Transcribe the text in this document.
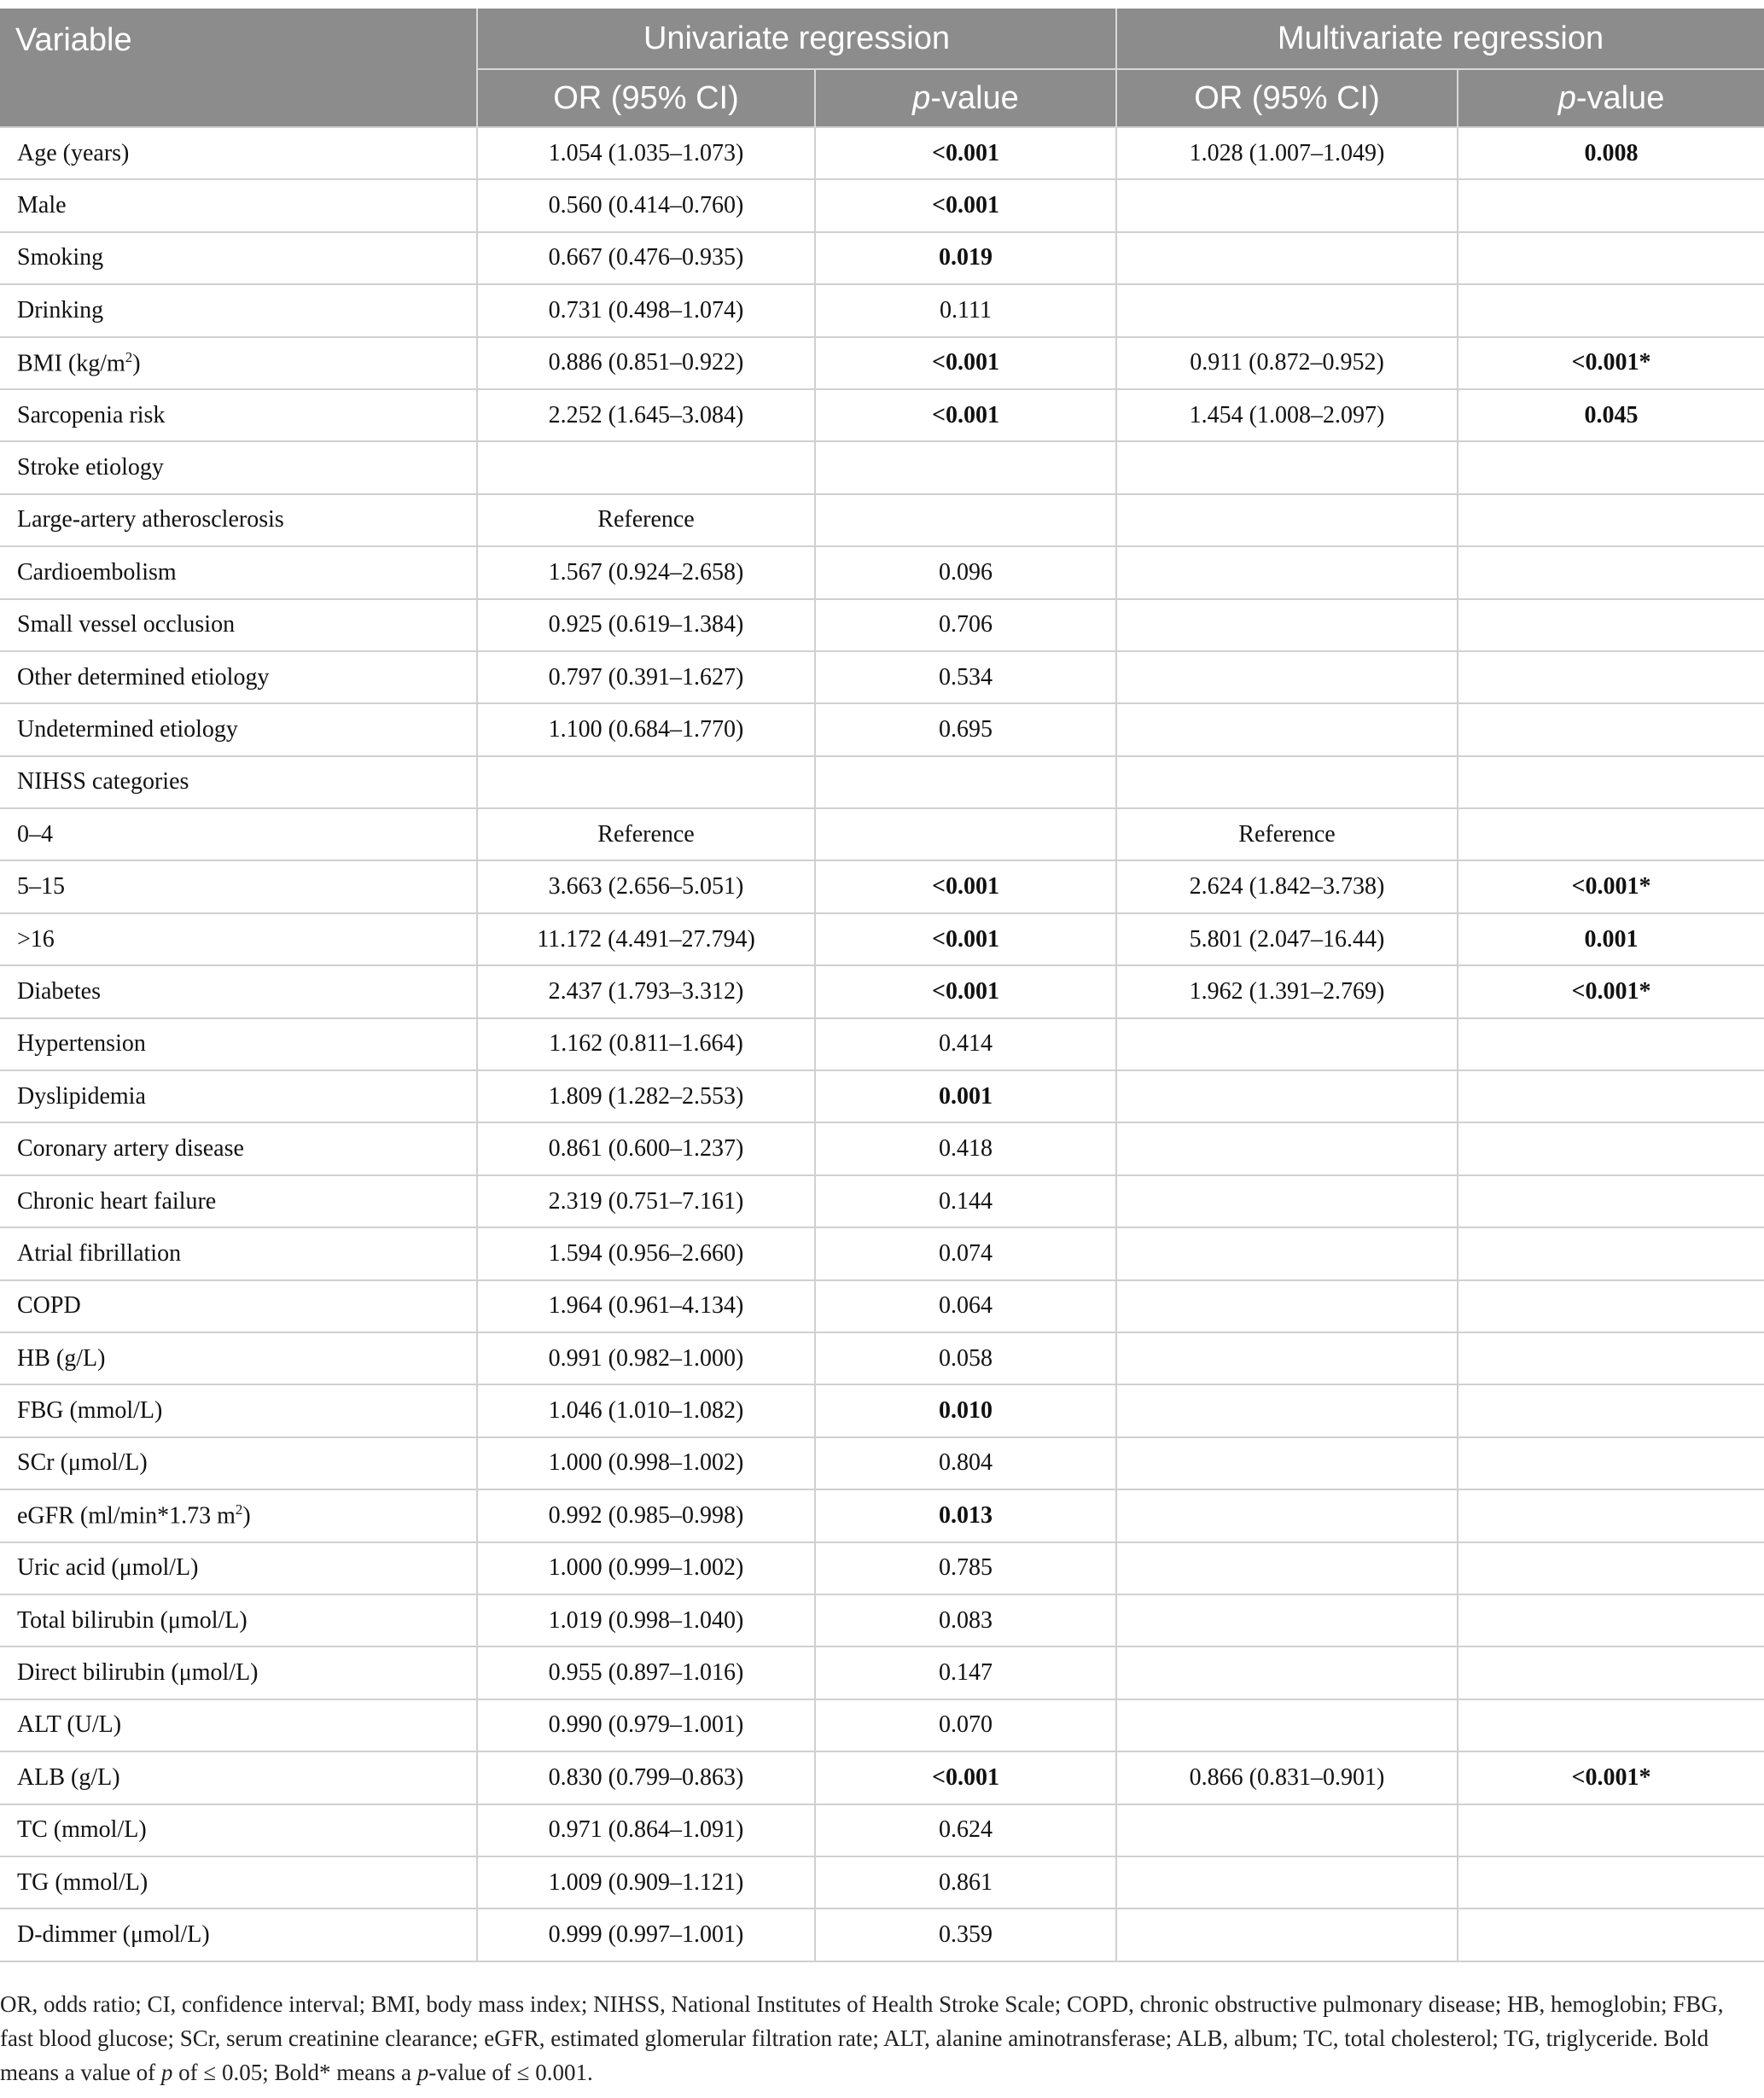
Variable	Univariate regression		Multivariate regression	
	OR (95% CI)	p-value	OR (95% CI)	p-value
Age (years)	1.054 (1.035–1.073)	<0.001	1.028 (1.007–1.049)	0.008
Male	0.560 (0.414–0.760)	<0.001		
Smoking	0.667 (0.476–0.935)	0.019		
Drinking	0.731 (0.498–1.074)	0.111		
BMI $(kg/m^2)$	0.886 (0.851–0.922)	<0.001	0.911 (0.872–0.952)	<0.001*
Sarcopenia risk	2.252 (1.645–3.084)	<0.001	1.454 (1.008–2.097)	0.045
Stroke etiology				
Large-artery atherosclerosis	Reference			
Cardioembolism	1.567 (0.924–2.658)	0.096		
Small vessel occlusion	0.925 (0.619–1.384)	0.706		
Other determined etiology	0.797 (0.391–1.627)	0.534		
Undetermined etiology	1.100 (0.684–1.770)	0.695		
NIHSS categories				
0–4	Reference		Reference	
5–15	3.663 (2.656–5.051)	<0.001	2.624 (1.842–3.738)	<0.001*
>16	11.172 (4.491–27.794)	<0.001	5.801 (2.047–16.44)	0.001
Diabetes	2.437 (1.793–3.312)	<0.001	1.962 (1.391–2.769)	<0.001*
Hypertension	1.162 (0.811–1.664)	0.414		
Dyslipidemia	1.809 (1.282–2.553)	0.001		
Coronary artery disease	0.861 (0.600–1.237)	0.418		
Chronic heart failure	2.319 (0.751–7.161)	0.144		
Atrial fibrillation	1.594 (0.956–2.660)	0.074		
COPD	1.964 (0.961–4.134)	0.064		
HB (g/L)	0.991 (0.982–1.000)	0.058		
FBG (mmol/L)	1.046 (1.010–1.082)	0.010		
SCr (μmol/L)	1.000 (0.998–1.002)	0.804		
eGFR (ml/min*1.73 $m^2$)	0.992 (0.985–0.998)	0.013		
Uric acid (μmol/L)	1.000 (0.999–1.002)	0.785		
Total bilirubin (μmol/L)	1.019 (0.998–1.040)	0.083		
Direct bilirubin (μmol/L)	0.955 (0.897–1.016)	0.147		
ALT (U/L)	0.990 (0.979–1.001)	0.070		
ALB (g/L)	0.830 (0.799–0.863)	<0.001	0.866 (0.831–0.901)	<0.001*
TC (mmol/L)	0.971 (0.864–1.091)	0.624		
TG (mmol/L)	1.009 (0.909–1.121)	0.861		
D-dimmer (μmol/L)	0.999 (0.997–1.001)	0.359		
OR, odds ratio; CI, confidence interval; BMI, body mass index; NIHSS, National Institutes of Health Stroke Scale; COPD, chronic obstructive pulmonary disease; HB, hemoglobin; FBG, fast blood glucose; SCr, serum creatinine clearance; eGFR, estimated glomerular filtration rate; ALT, alanine aminotransferase; ALB, album; TC, total cholesterol; TG, triglyceride. Bold means a value of p of ≤ 0.05; Bold* means a p-value of ≤ 0.001.
